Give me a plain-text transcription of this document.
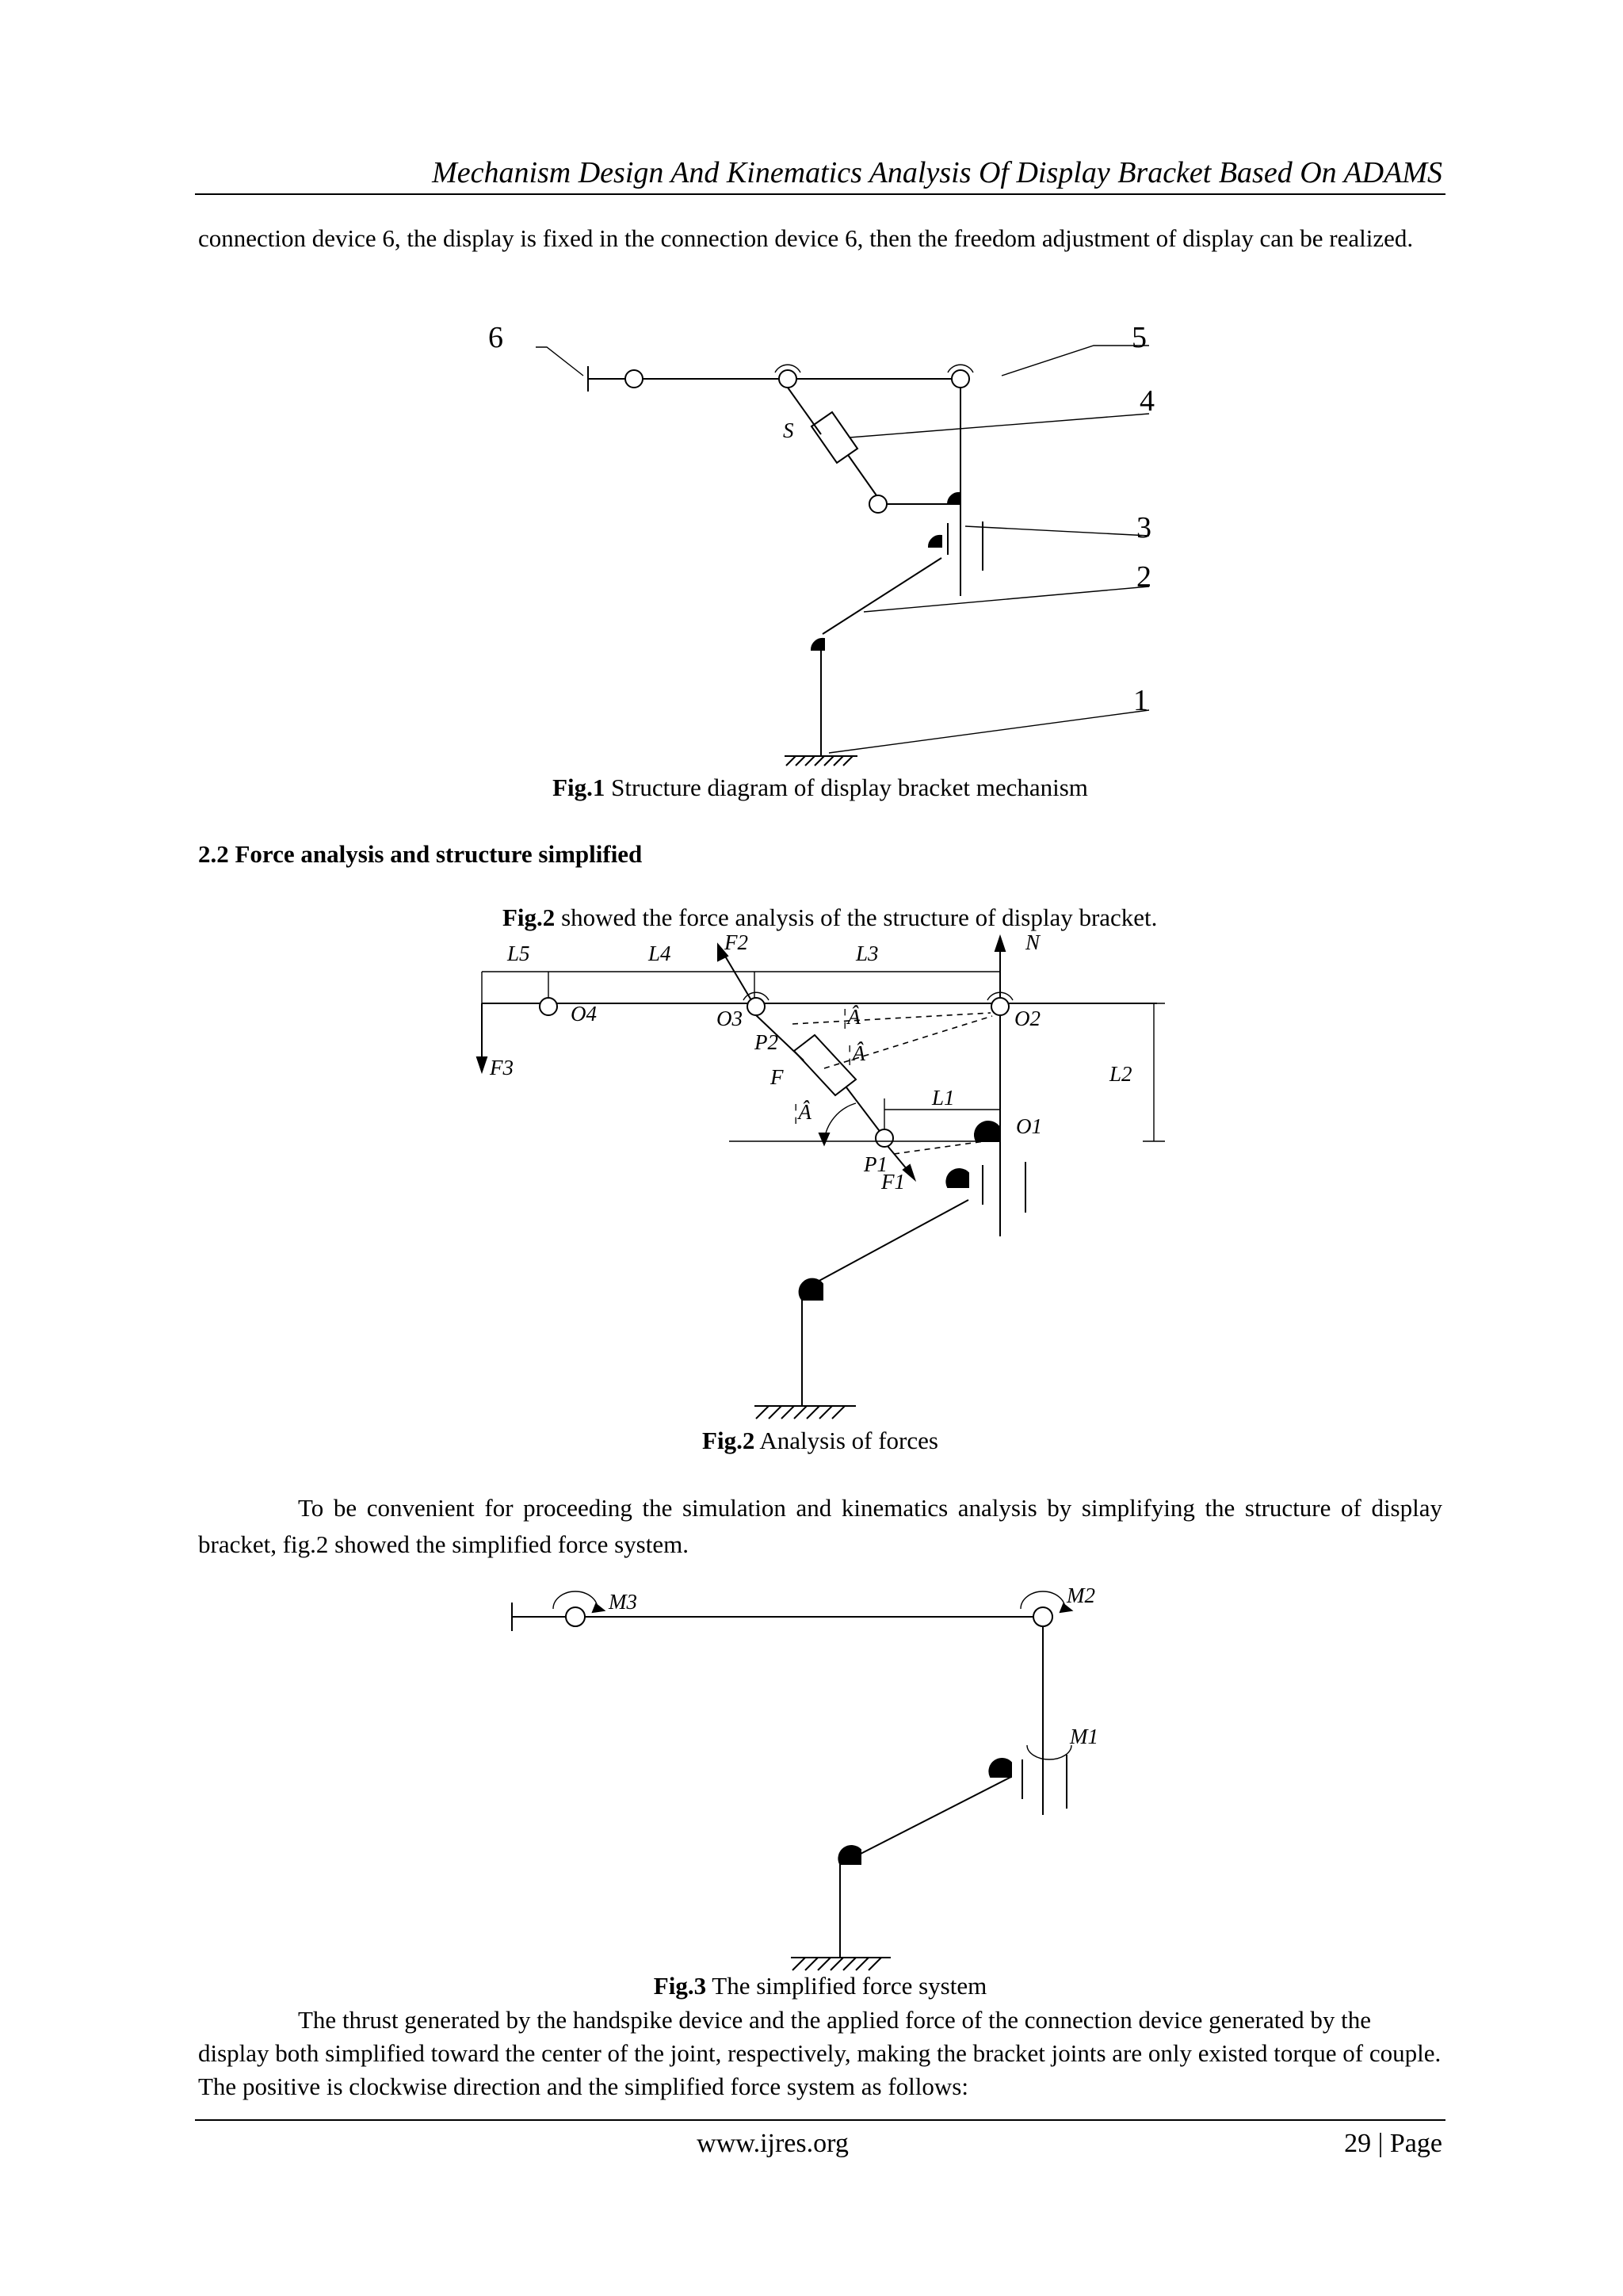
Mechanism Design And Kinematics Analysis Of Display Bracket Based On ADAMS
connection device 6, the display is fixed in the connection device 6, then the freedom adjustment of display can be realized.
6	5
4
3
2
1
S
Fig.1 Structure diagram of display bracket mechanism
2.2 Force analysis and structure simplified
Fig.2 showed the force analysis of the structure of display bracket.
L5	L4 F2	L3	N
O4	O3	O2
F3
¦Â
P2	¦Â
L2
F
L1
¦Â
O1
P1
F1
Fig.2 Analysis of forces
To be convenient for proceeding the simulation and kinematics analysis by simplifying the structure of display bracket, fig.2 showed the simplified force system.
M3	M2
M1
Fig.3 The simplified force system
The thrust generated by the handspike device and the applied force of the connection device generated by the display both simplified toward the center of the joint, respectively, making the bracket joints are only existed torque of couple. The positive is clockwise direction and the simplified force system as follows:
www.ijres.org	29 | Page
